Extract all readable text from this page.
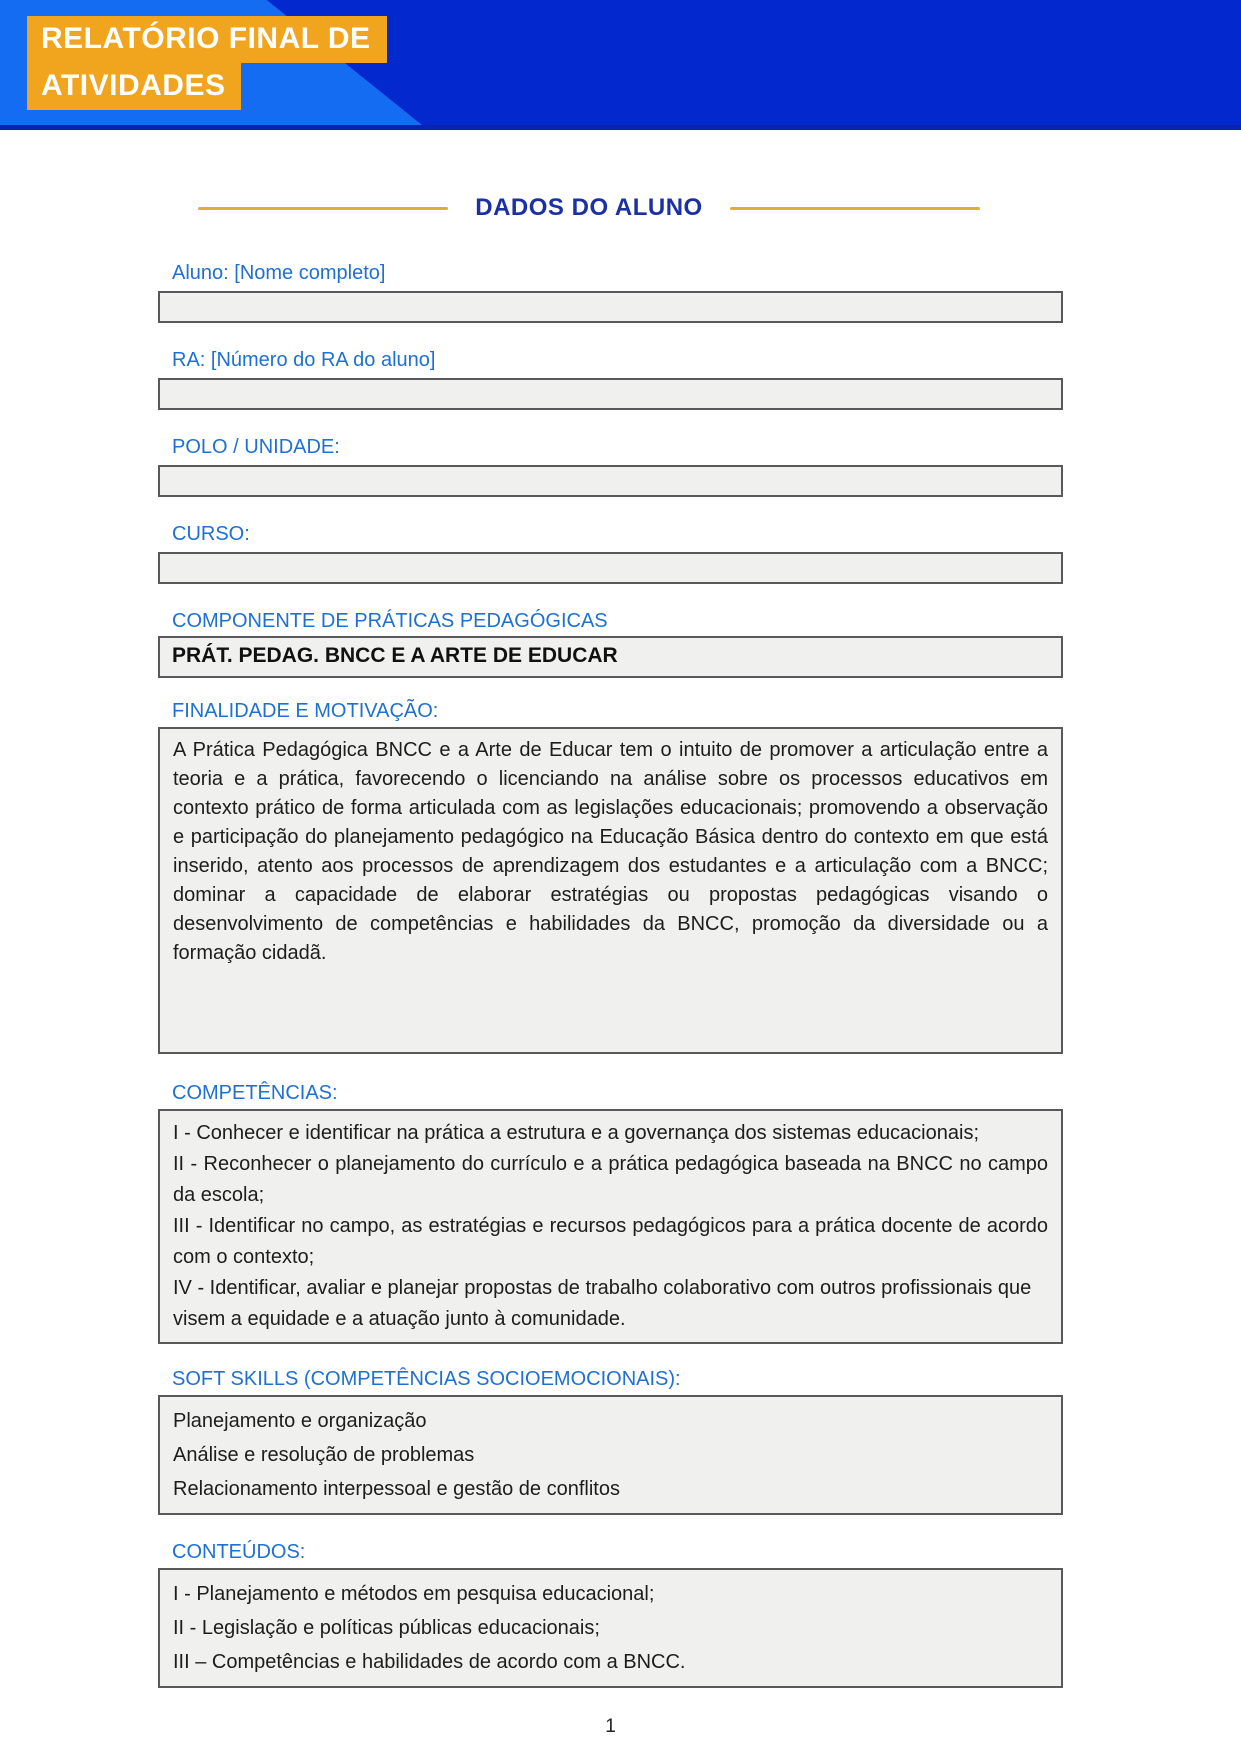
RELATÓRIO FINAL DE
ATIVIDADES
DADOS DO ALUNO
Aluno: [Nome completo]
RA: [Número do RA do aluno]
POLO / UNIDADE:
CURSO:
COMPONENTE DE PRÁTICAS PEDAGÓGICAS
PRÁT. PEDAG. BNCC E A ARTE DE EDUCAR
FINALIDADE E MOTIVAÇÃO:

A Prática Pedagógica BNCC e a Arte de Educar tem o intuito de promover a articulação entre a teoria e a prática, favorecendo o licenciando na análise sobre os processos educativos em contexto prático de forma articulada com as legislações educacionais; promovendo a observação e participação do planejamento pedagógico na Educação Básica dentro do contexto em que está inserido, atento aos processos de aprendizagem dos estudantes e a articulação com a BNCC; dominar a capacidade de elaborar estratégias ou propostas pedagógicas visando o desenvolvimento de competências e habilidades da BNCC, promoção da diversidade ou a formação cidadã.

COMPETÊNCIAS:

I - Conhecer e identificar na prática a estrutura e a governança dos sistemas educacionais;

II - Reconhecer o planejamento do currículo e a prática pedagógica baseada na BNCC no campo da escola;

III - Identificar no campo, as estratégias e recursos pedagógicos para a prática docente de acordo com o contexto;

IV - Identificar, avaliar e planejar propostas de trabalho colaborativo com outros profissionais que visem a equidade e a atuação junto à comunidade.

SOFT SKILLS (COMPETÊNCIAS SOCIOEMOCIONAIS):

Planejamento e organização

Análise e resolução de problemas

Relacionamento interpessoal e gestão de conflitos

CONTEÚDOS:

I - Planejamento e métodos em pesquisa educacional;

II - Legislação e políticas públicas educacionais;

III – Competências e habilidades de acordo com a BNCC.

1
